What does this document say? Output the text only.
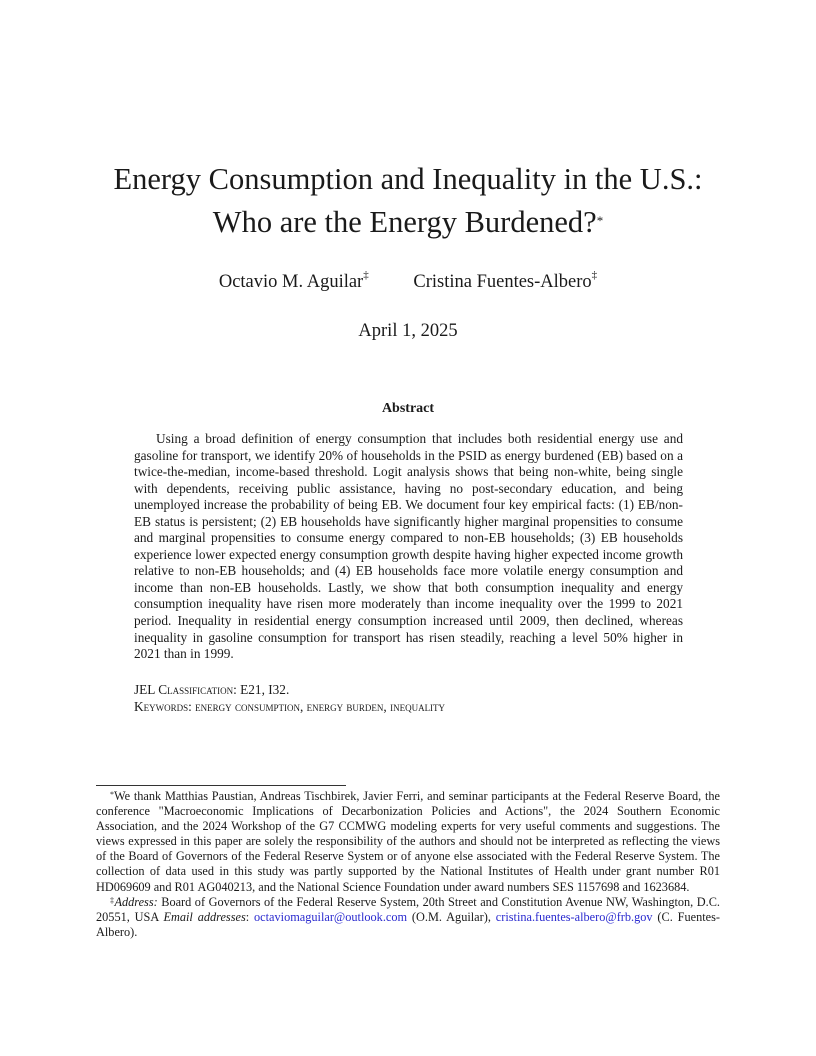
Energy Consumption and Inequality in the U.S.:
Who are the Energy Burdened?*
Octavio M. Aguilar‡ Cristina Fuentes-Albero‡
April 1, 2025
Abstract

Using a broad definition of energy consumption that includes both residential energy use and gasoline for transport, we identify 20% of households in the PSID as energy burdened (EB) based on a twice-the-median, income-based threshold. Logit analysis shows that being non-white, being single with dependents, receiving public assistance, having no post-secondary education, and being unemployed increase the probability of being EB. We document four key empirical facts: (1) EB/non-EB status is persistent; (2) EB households have significantly higher marginal propensities to consume and marginal propensities to consume energy compared to non-EB households; (3) EB households experience lower expected energy consumption growth despite having higher expected income growth relative to non-EB households; and (4) EB households face more volatile energy consumption and income than non-EB households. Lastly, we show that both consumption inequality and energy consumption inequality have risen more moderately than income inequality over the 1999 to 2021 period. Inequality in residential energy consumption increased until 2009, then declined, whereas inequality in gasoline consumption for transport has risen steadily, reaching a level 50% higher in 2021 than in 1999.

JEL Classification: E21, I32.
Keywords: energy consumption, energy burden, inequality

*We thank Matthias Paustian, Andreas Tischbirek, Javier Ferri, and seminar participants at the Federal Reserve Board, the conference "Macroeconomic Implications of Decarbonization Policies and Actions", the 2024 Southern Economic Association, and the 2024 Workshop of the G7 CCMWG modeling experts for very useful comments and suggestions. The views expressed in this paper are solely the responsibility of the authors and should not be interpreted as reflecting the views of the Board of Governors of the Federal Reserve System or of anyone else associated with the Federal Reserve System. The collection of data used in this study was partly supported by the National Institutes of Health under grant number R01 HD069609 and R01 AG040213, and the National Science Foundation under award numbers SES 1157698 and 1623684.

‡Address: Board of Governors of the Federal Reserve System, 20th Street and Constitution Avenue NW, Washington, D.C. 20551, USA Email addresses: octaviomaguilar@outlook.com (O.M. Aguilar), cristina.fuentes-albero@frb.gov (C. Fuentes-Albero).
